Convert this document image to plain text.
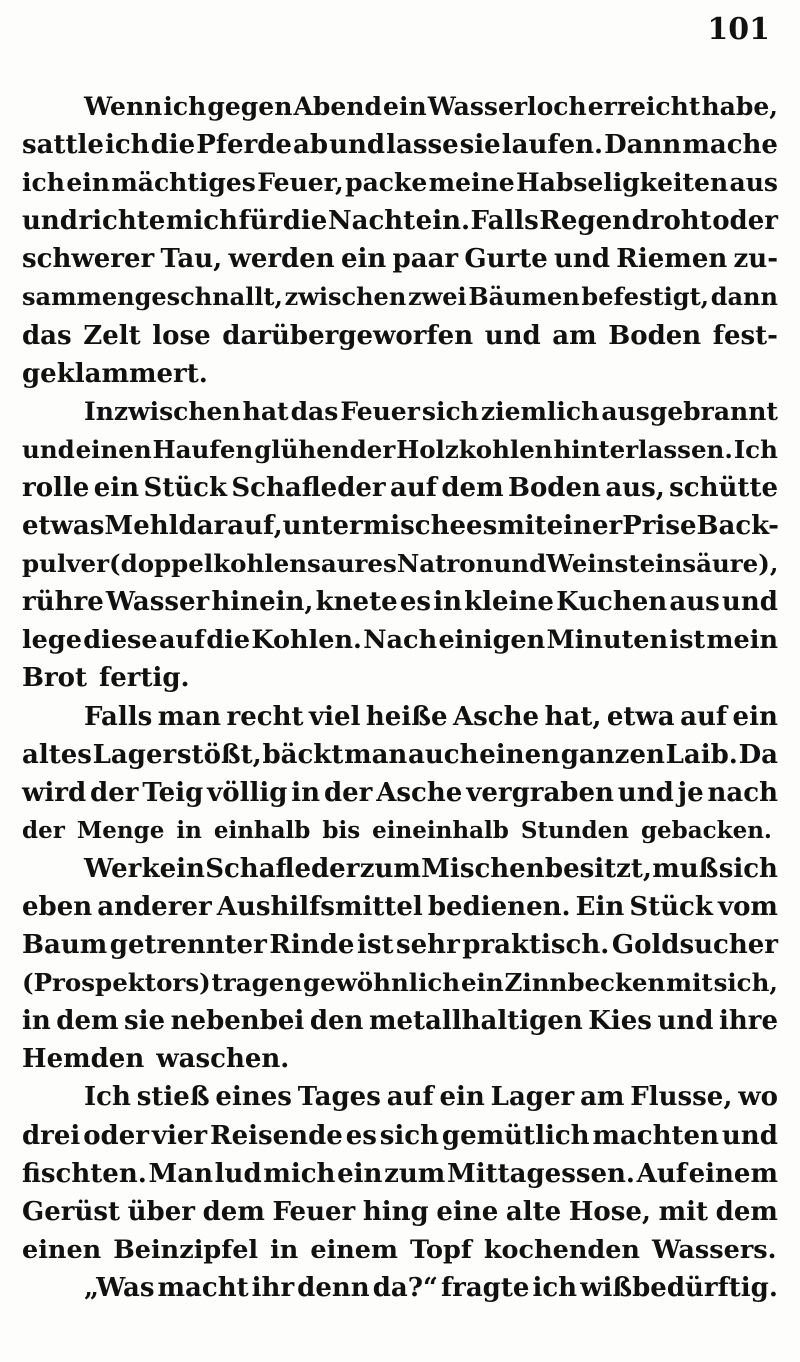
101
Wenn ich gegen Abend ein Wasserloch erreicht habe,
sattle ich die Pferde ab und lasse sie laufen. Dann mache
ich ein mächtiges Feuer, packe meine Habseligkeiten aus
und richte mich für die Nacht ein. Falls Regen droht oder
schwerer Tau, werden ein paar Gurte und Riemen zu-
sammengeschnallt, zwischen zwei Bäumen befestigt, dann
das Zelt lose darübergeworfen und am Boden fest-
geklammert.
Inzwischen hat das Feuer sich ziemlich ausgebrannt
und einen Haufen glühender Holzkohlen hinterlassen. Ich
rolle ein Stück Schafleder auf dem Boden aus, schütte
etwas Mehl darauf, untermische es mit einer Prise Back-
pulver (doppelkohlensaures Natron und Weinsteinsäure),
rühre Wasser hinein, knete es in kleine Kuchen aus und
lege diese auf die Kohlen. Nach einigen Minuten ist mein
Brot fertig.
Falls man recht viel heiße Asche hat, etwa auf ein
altes Lager stößt, bäckt man auch einen ganzen Laib. Da
wird der Teig völlig in der Asche vergraben und je nach
der Menge in einhalb bis eineinhalb Stunden gebacken.
Wer kein Schafleder zum Mischen besitzt, muß sich
eben anderer Aushilfsmittel bedienen. Ein Stück vom
Baum getrennter Rinde ist sehr praktisch. Goldsucher
(Prospektors) tragen gewöhnlich ein Zinnbecken mit sich,
in dem sie nebenbei den metallhaltigen Kies und ihre
Hemden waschen.
Ich stieß eines Tages auf ein Lager am Flusse, wo
drei oder vier Reisende es sich gemütlich machten und
fischten. Man lud mich ein zum Mittagessen. Auf einem
Gerüst über dem Feuer hing eine alte Hose, mit dem
einen Beinzipfel in einem Topf kochenden Wassers.
„Was macht ihr denn da?“ fragte ich wißbedürftig.
